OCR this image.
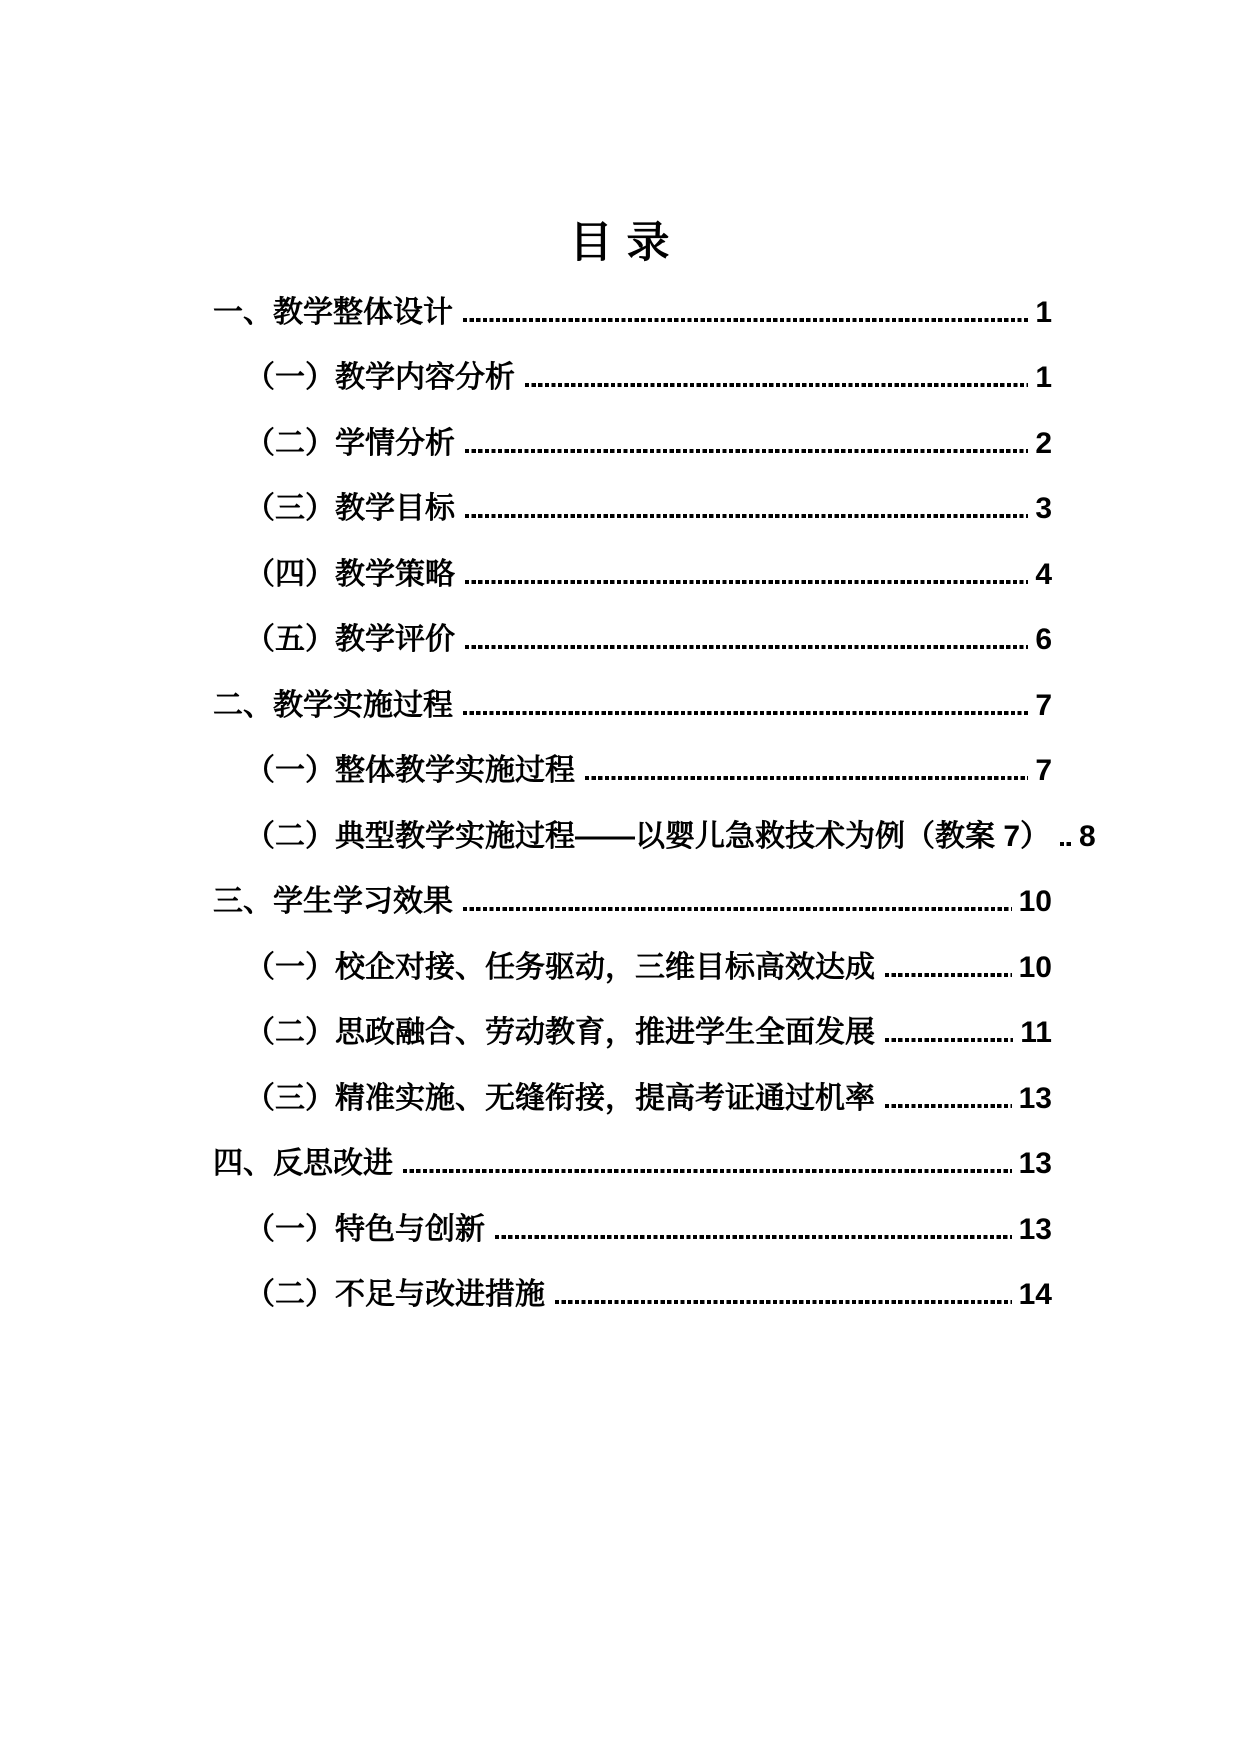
目 录
一、教学整体设计	1
（一）教学内容分析	1
（二）学情分析	2
（三）教学目标	3
（四）教学策略	4
（五）教学评价	6
二、教学实施过程	7
（一）整体教学实施过程	7
（二）典型教学实施过程——以婴儿急救技术为例（教案 7） 8
三、学生学习效果	10
（一）校企对接、任务驱动，三维目标高效达成	10
（二）思政融合、劳动教育，推进学生全面发展	11
（三）精准实施、无缝衔接，提高考证通过机率	13
四、反思改进	13
（一）特色与创新	13
（二）不足与改进措施	14
